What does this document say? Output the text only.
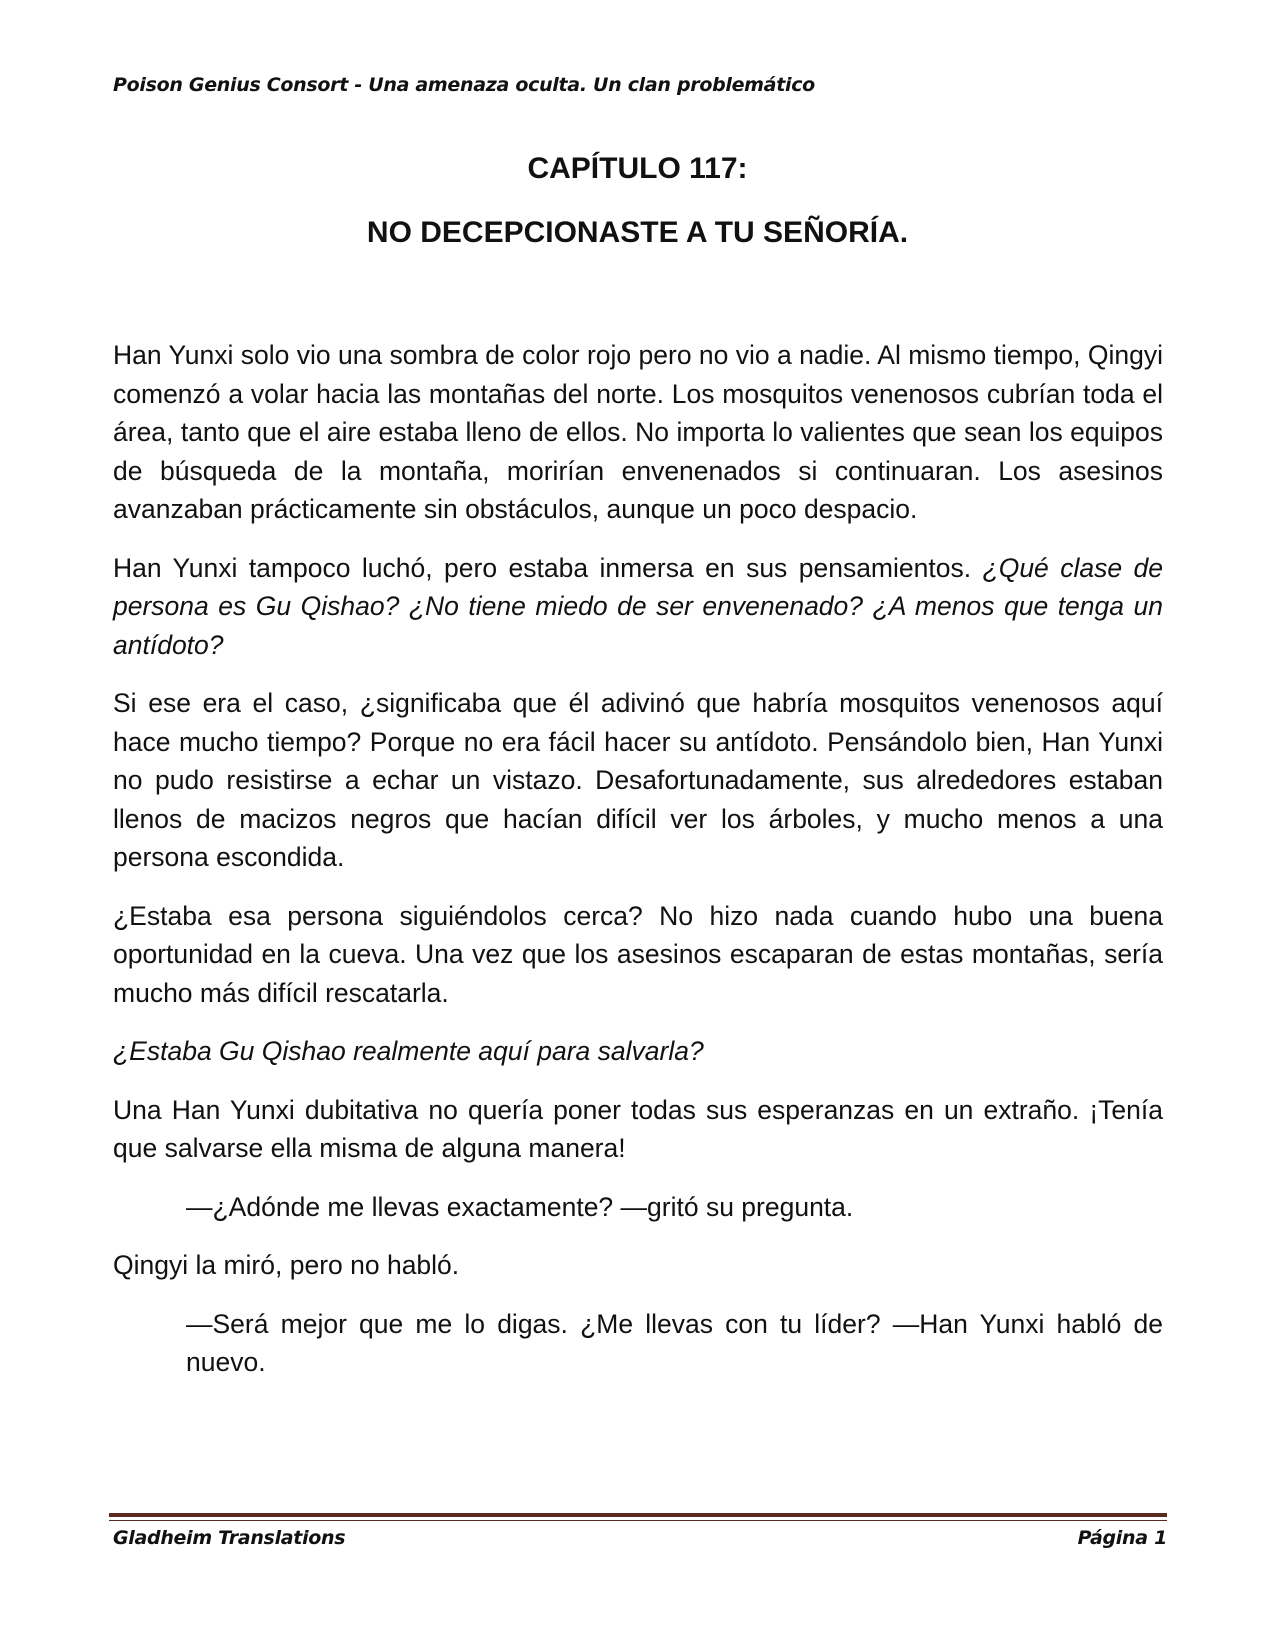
Poison Genius Consort - Una amenaza oculta. Un clan problemático
CAPÍTULO 117:
NO DECEPCIONASTE A TU SEÑORÍA.

Han Yunxi solo vio una sombra de color rojo pero no vio a nadie. Al mismo tiempo, Qingyi comenzó a volar hacia las montañas del norte. Los mosquitos venenosos cubrían toda el área, tanto que el aire estaba lleno de ellos. No importa lo valientes que sean los equipos de búsqueda de la montaña, morirían envenenados si continuaran. Los asesinos avanzaban prácticamente sin obstáculos, aunque un poco despacio.

Han Yunxi tampoco luchó, pero estaba inmersa en sus pensamientos. ¿Qué clase de persona es Gu Qishao? ¿No tiene miedo de ser envenenado? ¿A menos que tenga un antídoto?

Si ese era el caso, ¿significaba que él adivinó que habría mosquitos venenosos aquí hace mucho tiempo? Porque no era fácil hacer su antídoto. Pensándolo bien, Han Yunxi no pudo resistirse a echar un vistazo. Desafortunadamente, sus alrededores estaban llenos de macizos negros que hacían difícil ver los árboles, y mucho menos a una persona escondida.

¿Estaba esa persona siguiéndolos cerca? No hizo nada cuando hubo una buena oportunidad en la cueva. Una vez que los asesinos escaparan de estas montañas, sería mucho más difícil rescatarla.

¿Estaba Gu Qishao realmente aquí para salvarla?

Una Han Yunxi dubitativa no quería poner todas sus esperanzas en un extraño. ¡Tenía que salvarse ella misma de alguna manera!

—¿Adónde me llevas exactamente? —gritó su pregunta.

Qingyi la miró, pero no habló.

—Será mejor que me lo digas. ¿Me llevas con tu líder? —Han Yunxi habló de nuevo.

Gladheim Translations	Página 1
